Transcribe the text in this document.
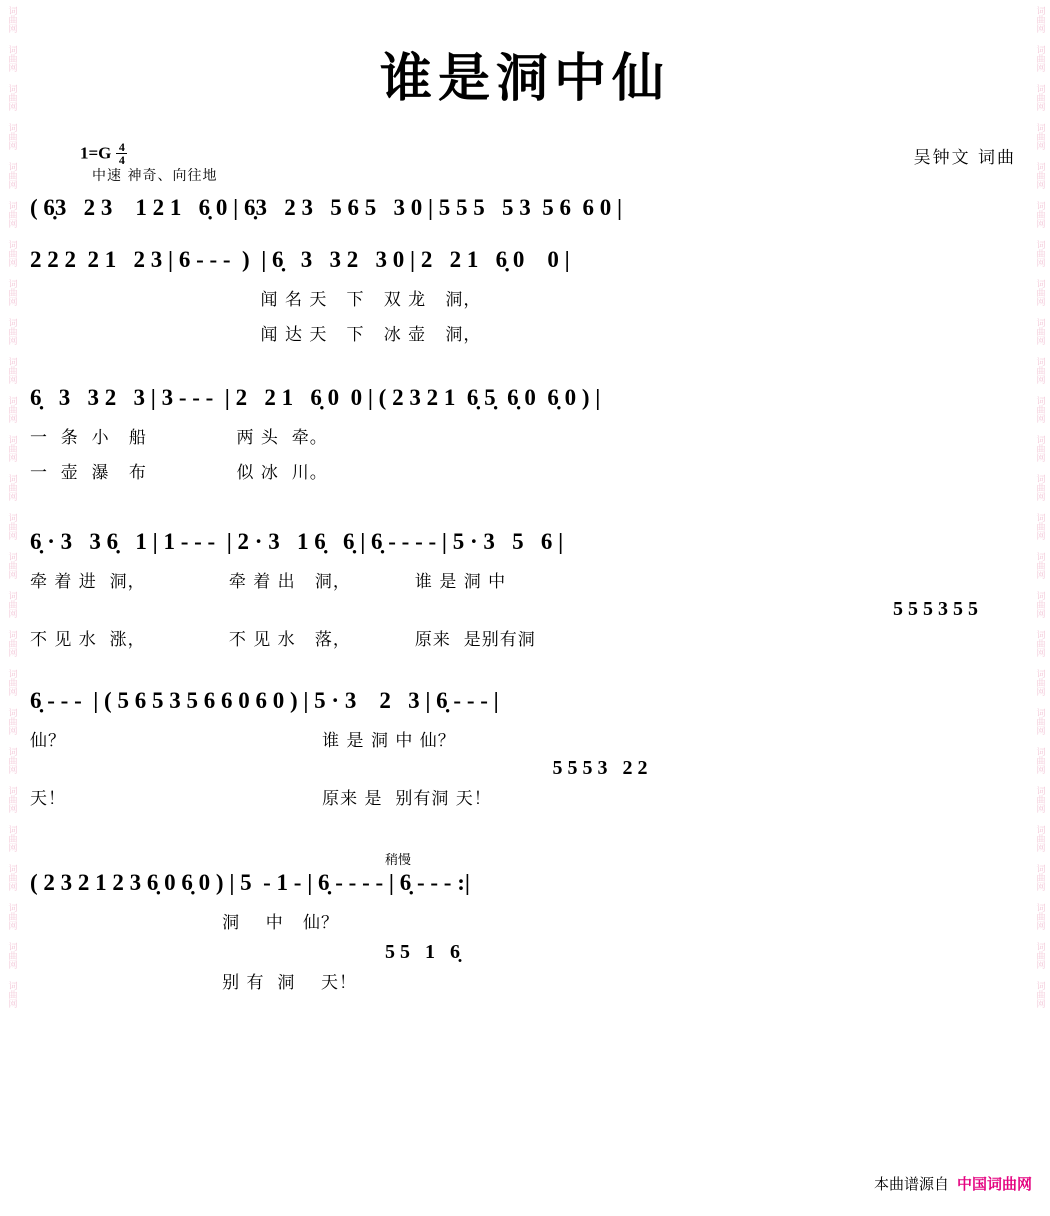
词曲网
词曲网
词曲网
词曲网
词曲网
词曲网
词曲网
词曲网
词曲网
词曲网
词曲网
词曲网
词曲网
词曲网
词曲网
词曲网
词曲网
词曲网
词曲网
词曲网
词曲网
词曲网
词曲网
词曲网
词曲网
词曲网
词曲网
词曲网
词曲网
词曲网
词曲网
词曲网
词曲网
词曲网
词曲网
词曲网
词曲网
词曲网
词曲网
词曲网
词曲网
词曲网
词曲网
词曲网
词曲网
词曲网
词曲网
词曲网
词曲网
词曲网
词曲网
词曲网
谁是洞中仙
$1=G \frac{4}{4}$
中速 神奇、向往地
吴钟文 词曲
( 6̣3   2 3    1 2 1   6̣ 0 | 6̣3   2 3   5 6 5   3 0 | 5 5 5   5 3  5 6  6 0 |
2 2 2  2 1   2 3 | 6 - - -  )  | 6̣   3   3 2   3 0 | 2   2 1   6̣ 0    0 |
闻 名 天   下   双 龙   洞，
闻 达 天   下   冰 壶   洞，
6̣   3   3 2   3 | 3 - - -  | 2   2 1   6̣ 0  0 | ( 2 3 2 1  6̣ 5̣  6̣ 0  6̣ 0 ) |
一  条  小   船              两 头  牵。
一  壶  瀑   布              似 冰  川。
6̣ · 3   3 6̣   1 | 1 - - -  | 2 · 3   1 6̣   6̣ | 6̣ - - - - | 5 · 3   5   6 |
牵 着 进  洞，             牵 着 出   洞，          谁 是 洞 中
5 5 5 3 5 5
不 见 水  涨，             不 见 水   落，          原来  是别有洞
6̣ - - -  | ( 5 6 5 3 5 6 6 0 6 0 ) | 5 · 3    2   3 | 6̣ - - - |
仙？                                        谁 是 洞 中 仙？
5 5 5 3   2 2
天！                                        原来 是  别有洞 天！
稍慢
( 2 3 2 1 2 3 6̣ 0 6̣ 0 ) | 5  - 1 - | 6̣ - - - - | 6̣ - - - :|
洞    中   仙？
5 5   1   6̣
别 有  洞    天！
本曲谱源自 中国词曲网
